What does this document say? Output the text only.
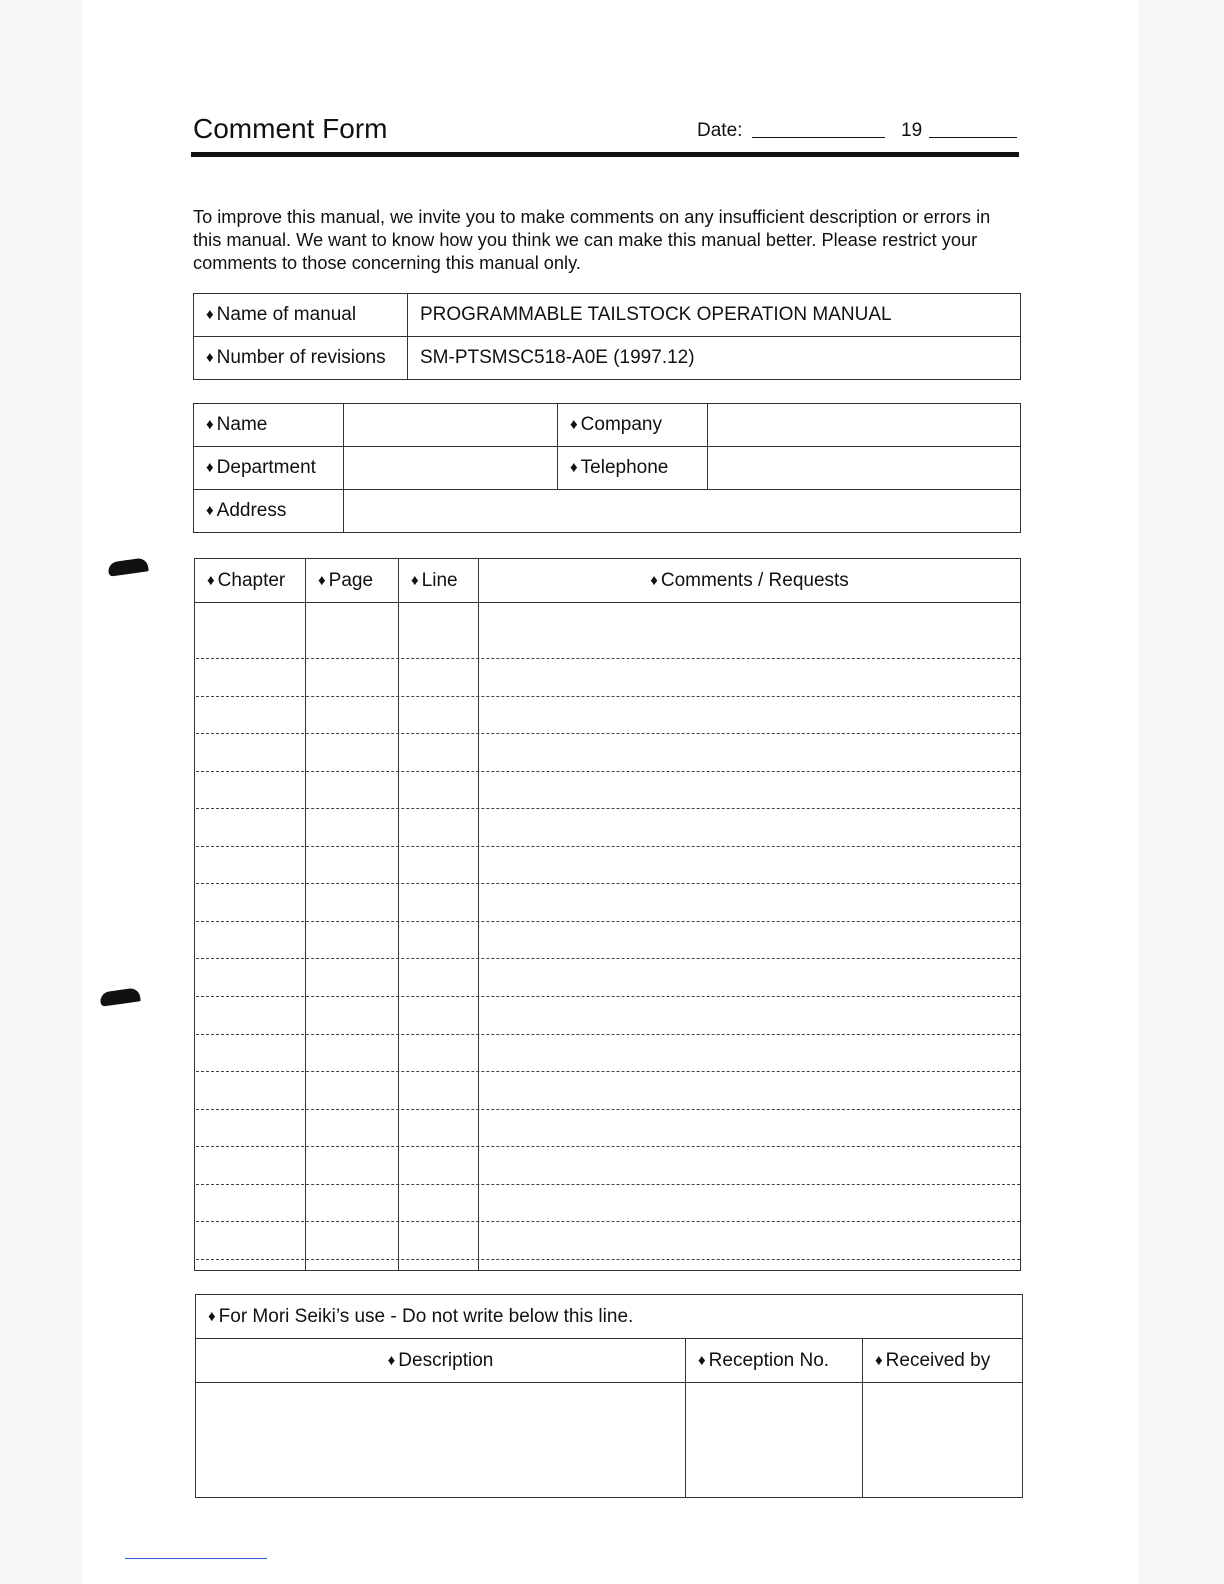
Comment Form	Date:	19
To improve this manual, we invite you to make comments on any insufficient description or errors in this manual. We want to know how you think we can make this manual better. Please restrict your comments to those concerning this manual only.
♦ Name of manual	PROGRAMMABLE TAILSTOCK OPERATION MANUAL
♦ Number of revisions	SM-PTSMSC518-A0E (1997.12)
♦ Name		♦ Company	
♦ Department		♦ Telephone	
♦ Address			
♦ Chapter	♦ Page	♦ Line	♦ Comments / Requests

♦ For Mori Seiki’s use - Do not write below this line.		
♦ Description	♦ Reception No.	♦ Received by
